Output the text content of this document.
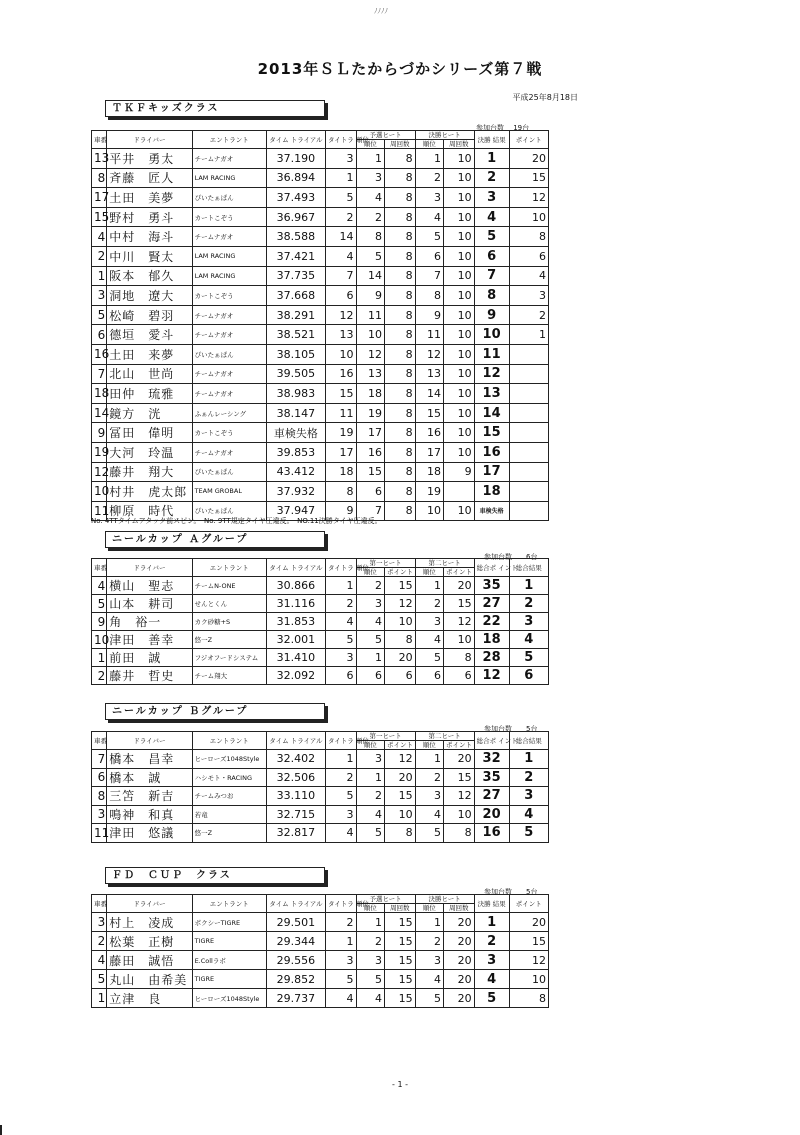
ﾉﾉﾉﾉ
2013年ＳＬたからづかシリーズ第７戦
平成25年8月18日
ＴＫＦキッズクラス
参加台数　 19台
車番	ドライバー	エントラント	タイム トライアル	タイトラ 順位	予選ヒート		決勝ヒート		決勝 結果	ポイント
					順位	周回数	順位	周回数		
13	平井　勇太	チームナガオ	37.190	3	1	8	1	10	1	20
8	斉藤　匠人	LAM RACING	36.894	1	3	8	2	10	2	15
17	土田　美夢	ぴいたぁぱん	37.493	5	4	8	3	10	3	12
15	野村　勇斗	カートこぞう	36.967	2	2	8	4	10	4	10
4	中村　海斗	チームナガオ	38.588	14	8	8	5	10	5	8
2	中川　賢太	LAM RACING	37.421	4	5	8	6	10	6	6
1	阪本　郁久	LAM RACING	37.735	7	14	8	7	10	7	4
3	洞地　遼大	カートこぞう	37.668	6	9	8	8	10	8	3
5	松崎　碧羽	チームナガオ	38.291	12	11	8	9	10	9	2
6	德垣　愛斗	チームナガオ	38.521	13	10	8	11	10	10	1
16	土田　来夢	ぴいたぁぱん	38.105	10	12	8	12	10	11	
7	北山　世尚	チームナガオ	39.505	16	13	8	13	10	12	
18	田仲　琉雅	チームナガオ	38.983	15	18	8	14	10	13	
14	鏡方　洸	ふぁんレーシング	38.147	11	19	8	15	10	14	
9	冨田　偉明	カートこぞう	車検失格	19	17	8	16	10	15	
19	大河　玲温	チームナガオ	39.853	17	16	8	17	10	16	
12	藤井　翔大	ぴいたぁぱん	43.412	18	15	8	18	9	17	
10	村井　虎太郎	TEAM GROBAL	37.932	8	6	8	19		18	
11	柳原　時代	ぴいたぁぱん	37.947	9	7	8	10	10	車検失格	
No. 4TTタイムアタック前スピン。　No. 9TT規定タイヤ圧違反。　NO.11決勝タイヤ圧違反。
ニールカップ Ａグループ
参加台数　　6台
車番	ドライバー	エントラント	タイム トライアル	タイトラ 順位	第一ヒート		第二ヒート		総合ポ イント	総合結果
					順位	ポイント	順位	ポイント		
4	横山　聖志	チームN-ONE	30.866	1	2	15	1	20	35	1
5	山本　耕司	せんとくん	31.116	2	3	12	2	15	27	2
9	角　裕一	カク砂糖+S	31.853	4	4	10	3	12	22	3
10	津田　善幸	悠一Z	32.001	5	5	8	4	10	18	4
1	前田　誠	フジオフードシステム	31.410	3	1	20	5	8	28	5
2	藤井　哲史	チーム翔大	32.092	6	6	6	6	6	12	6
ニールカップ Ｂグループ
参加台数　　5台
車番	ドライバー	エントラント	タイム トライアル	タイトラ 順位	第一ヒート		第二ヒート		総合ポ イント	総合結果
					順位	ポイント	順位	ポイント		
7	橋本　昌幸	ヒーローズ1048Style	32.402	1	3	12	1	20	32	1
6	橋本　誠	ハシモト・RACING	32.506	2	1	20	2	15	35	2
8	三笘　新吉	チームみつお	33.110	5	2	15	3	12	27	3
3	鳴神　和真	若竜	32.715	3	4	10	4	10	20	4
11	津田　悠議	悠一Z	32.817	4	5	8	5	8	16	5
ＦＤ　ＣＵＰ　クラス
参加台数　　5台
車番	ドライバー	エントラント	タイム トライアル	タイトラ 順位	予選ヒート		決勝ヒート		決勝 結果	ポイント
					順位	周回数	順位	周回数		
3	村上　凌成	ボクシーTIGRE	29.501	2	1	15	1	20	1	20
2	松葉　正樹	TIGRE	29.344	1	2	15	2	20	2	15
4	藤田　誠悟	E.Collラボ	29.556	3	3	15	3	20	3	12
5	丸山　由希美	TIGRE	29.852	5	5	15	4	20	4	10
1	立津　良	ヒーローズ1048Style	29.737	4	4	15	5	20	5	8
- 1 -
